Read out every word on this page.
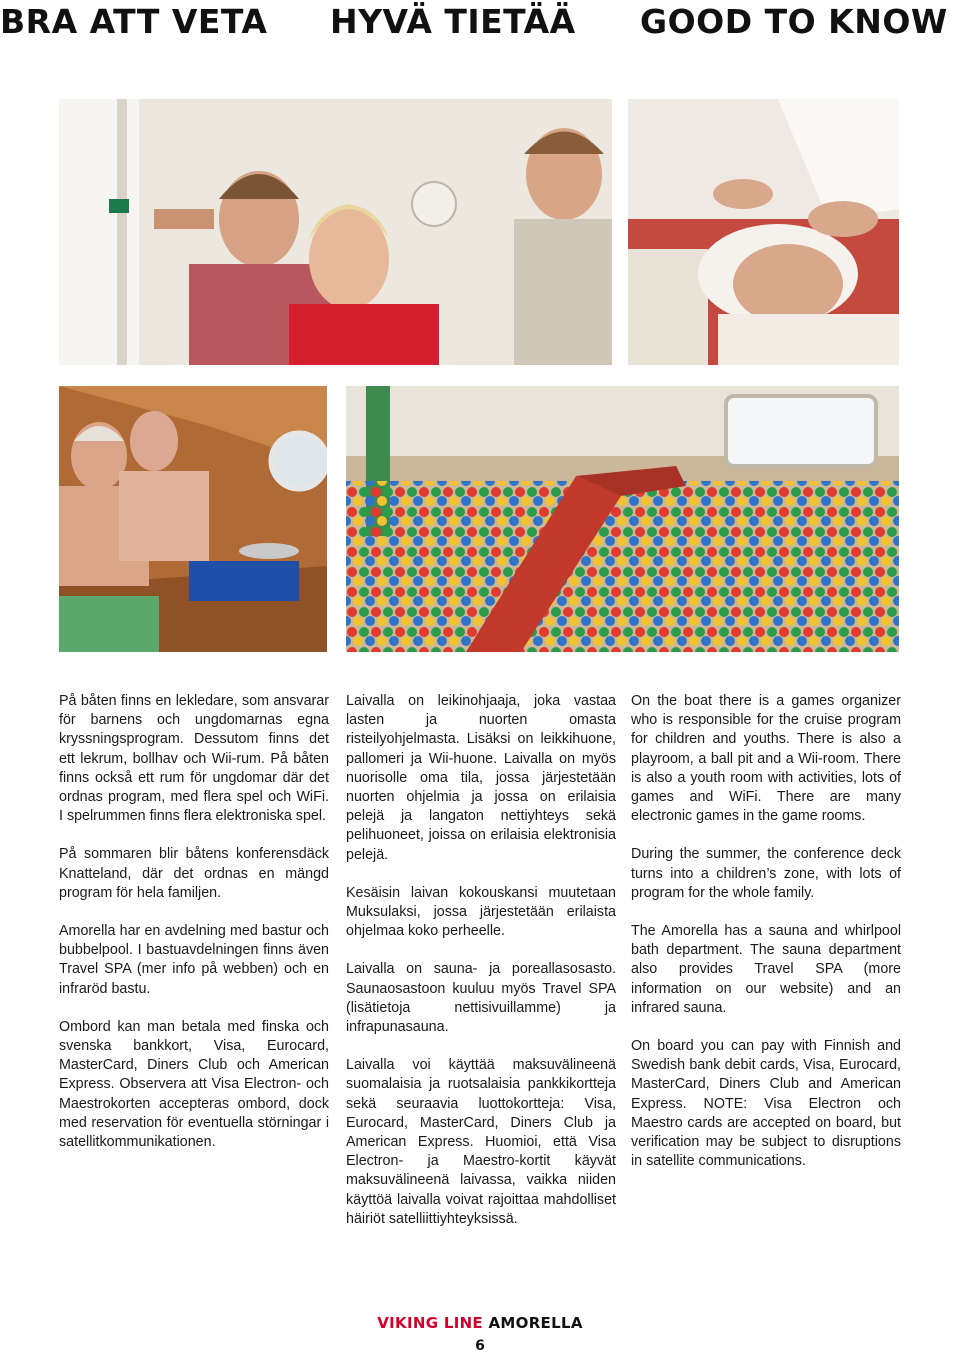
BRA ATT VETA HYVÄ TIETÄÄ GOOD TO KNOW

På båten finns en lekledare, som ansvarar för barnens och ungdomarnas egna kryssningsprogram. Dessutom finns det ett lekrum, bollhav och Wii-rum. På båten finns också ett rum för ungdomar där det ordnas program, med flera spel och WiFi. I spelrummen finns flera elektroniska spel.

På sommaren blir båtens konferensdäck Knatteland, där det ordnas en mängd program för hela familjen.

Amorella har en avdelning med bastur och bubbelpool. I bastuavdelningen finns även Travel SPA (mer info på webben) och en infraröd bastu.

Ombord kan man betala med finska och svenska bankkort, Visa, Eurocard, MasterCard, Diners Club och American Express. Observera att Visa Electron- och Maestrokorten accepteras ombord, dock med reservation för eventuella störningar i satellitkommunikationen.

Laivalla on leikinohjaaja, joka vastaa lasten ja nuorten omasta risteilyohjelmasta. Lisäksi on leikkihuone, pallomeri ja Wii-huone. Laivalla on myös nuorisolle oma tila, jossa järjestetään nuorten ohjelmia ja jossa on erilaisia pelejä ja langaton nettiyhteys sekä pelihuoneet, joissa on erilaisia elektronisia pelejä.

Kesäisin laivan kokouskansi muutetaan Muksulaksi, jossa järjestetään erilaista ohjelmaa koko perheelle.

Laivalla on sauna- ja poreallasosasto. Saunaosastoon kuuluu myös Travel SPA (lisätietoja nettisivuillamme) ja infrapunasauna.

Laivalla voi käyttää maksuvälineenä suomalaisia ja ruotsalaisia pankkikortteja sekä seuraavia luottokortteja: Visa, Eurocard, MasterCard, Diners Club ja American Express. Huomioi, että Visa Electron- ja Maestro-kortit käyvät maksuvälineenä laivassa, vaikka niiden käyttöä laivalla voivat rajoittaa mahdolliset häiriöt satelliittiyhteyksissä.

On the boat there is a games organizer who is responsible for the cruise program for children and youths. There is also a playroom, a ball pit and a Wii-room. There is also a youth room with activities, lots of games and WiFi. There are many electronic games in the game rooms.

During the summer, the conference deck turns into a children’s zone, with lots of program for the whole family.

The Amorella has a sauna and whirlpool bath department. The sauna department also provides Travel SPA (more information on our website) and an infrared sauna.

On board you can pay with Finnish and Swedish bank debit cards, Visa, Eurocard, MasterCard, Diners Club and American Express. NOTE: Visa Electron och Maestro cards are accepted on board, but verification may be subject to disruptions in satellite communications.

VIKING LINE AMORELLA
6
